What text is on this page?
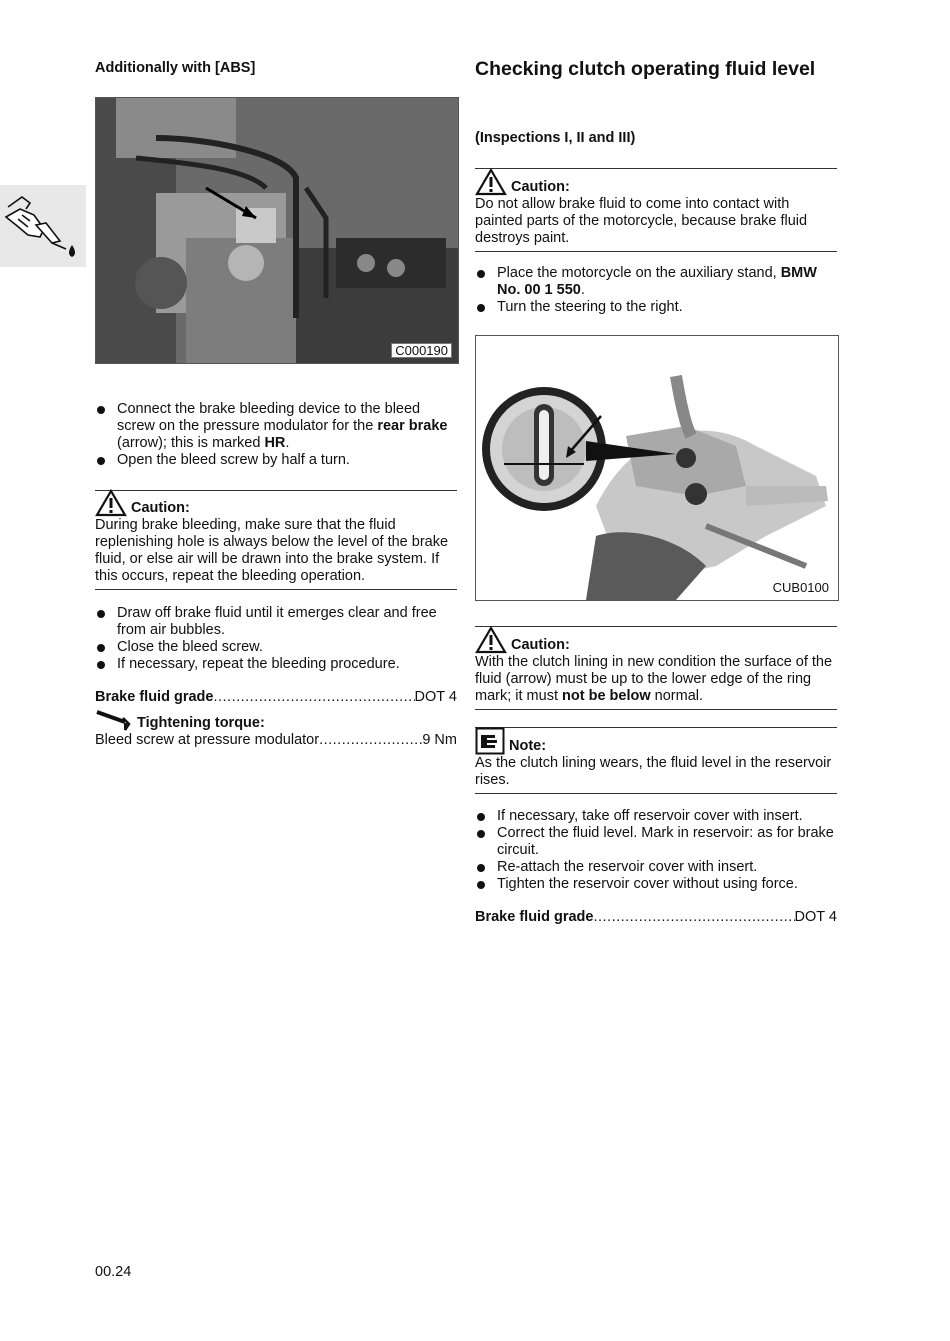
Additionally with [ABS]
C000190
Connect the brake bleeding device to the bleed screw on the pressure modulator for the rear brake (arrow); this is marked HR.
Open the bleed screw by half a turn.
Caution:
During brake bleeding, make sure that the fluid replenishing hole is always below the level of the brake fluid, or else air will be drawn into the brake system. If this occurs, repeat the bleeding operation.
Draw off brake fluid until it emerges clear and free from air bubbles.
Close the bleed screw.
If necessary, repeat the bleeding procedure.
Brake fluid grade .....	DOT 4
Tightening torque:
Bleed screw at pressure modulator .....	9 Nm
Checking clutch operating fluid level
(Inspections I, II and III)
Caution:
Do not allow brake fluid to come into contact with painted parts of the motorcycle, because brake fluid destroys paint.
Place the motorcycle on the auxiliary stand, BMW No. 00 1 550.
Turn the steering to the right.
CUB0100
Caution:
With the clutch lining in new condition the surface of the fluid (arrow) must be up to the lower edge of the ring mark; it must not be below normal.
Note:
As the clutch lining wears, the fluid level in the reservoir rises.
If necessary, take off reservoir cover with insert.
Correct the fluid level. Mark in reservoir: as for brake circuit.
Re-attach the reservoir cover with insert.
Tighten the reservoir cover without using force.
Brake fluid grade .....	DOT 4
00.24
